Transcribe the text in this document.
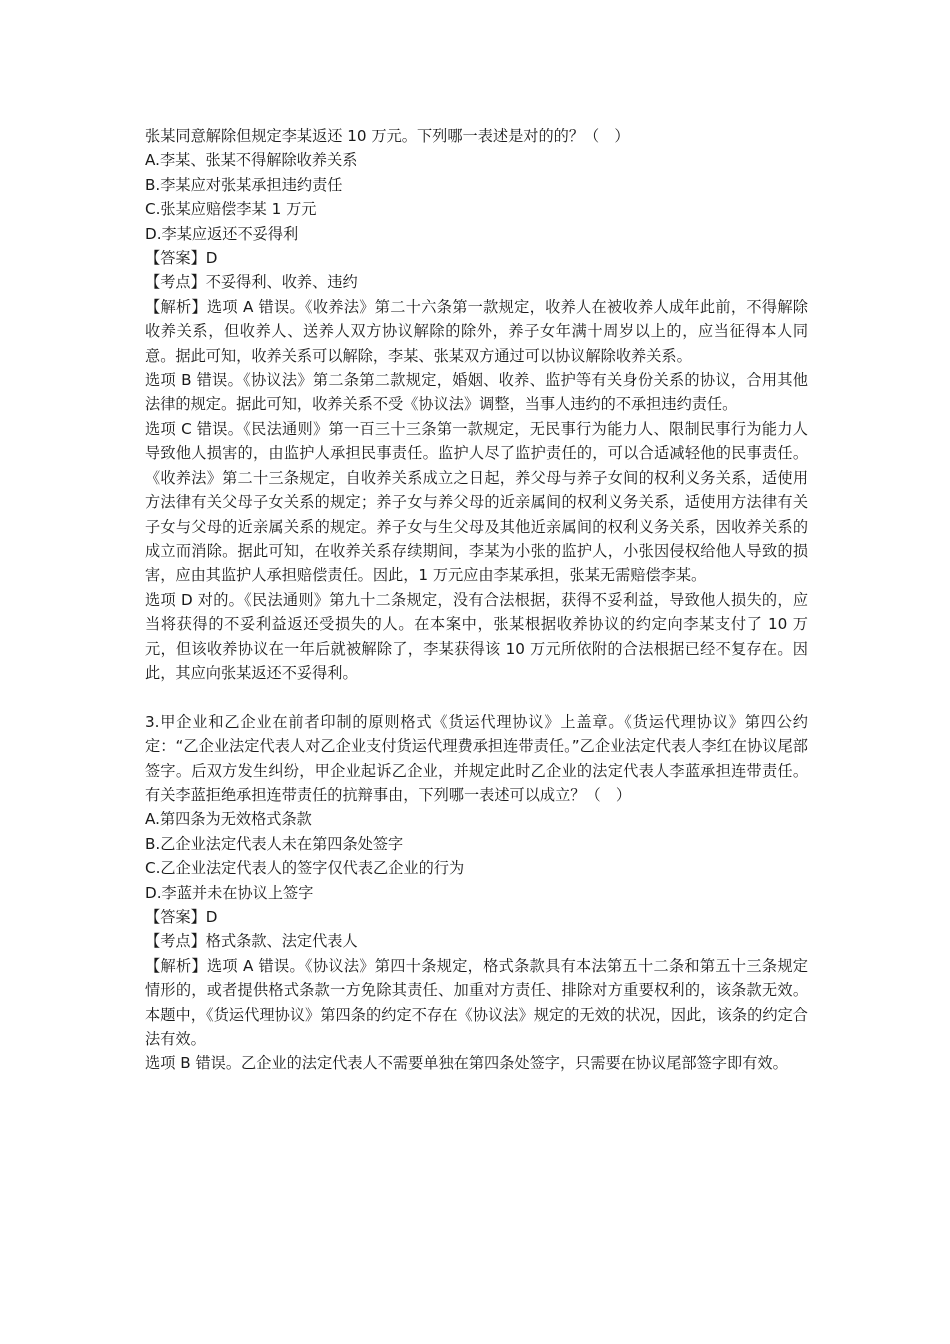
张某同意解除但规定李某返还 10 万元。下列哪一表述是对的的？（　）

A.李某、张某不得解除收养关系

B.李某应对张某承担违约责任

C.张某应赔偿李某 1 万元

D.李某应返还不妥得利

【答案】D

【考点】不妥得利、收养、违约

【解析】选项 A 错误。《收养法》第二十六条第一款规定，收养人在被收养人成年此前，不得解除收养关系，但收养人、送养人双方协议解除的除外，养子女年满十周岁以上的，应当征得本人同意。据此可知，收养关系可以解除，李某、张某双方通过可以协议解除收养关系。

选项 B 错误。《协议法》第二条第二款规定，婚姻、收养、监护等有关身份关系的协议，合用其他法律的规定。据此可知，收养关系不受《协议法》调整，当事人违约的不承担违约责任。

选项 C 错误。《民法通则》第一百三十三条第一款规定，无民事行为能力人、限制民事行为能力人导致他人损害的，由监护人承担民事责任。监护人尽了监护责任的，可以合适减轻他的民事责任。《收养法》第二十三条规定，自收养关系成立之日起，养父母与养子女间的权利义务关系，适使用方法律有关父母子女关系的规定；养子女与养父母的近亲属间的权利义务关系，适使用方法律有关子女与父母的近亲属关系的规定。养子女与生父母及其他近亲属间的权利义务关系，因收养关系的成立而消除。据此可知，在收养关系存续期间，李某为小张的监护人，小张因侵权给他人导致的损害，应由其监护人承担赔偿责任。因此，1 万元应由李某承担，张某无需赔偿李某。

选项 D 对的。《民法通则》第九十二条规定，没有合法根据，获得不妥利益，导致他人损失的，应当将获得的不妥利益返还受损失的人。在本案中，张某根据收养协议的约定向李某支付了 10 万元，但该收养协议在一年后就被解除了，李某获得该 10 万元所依附的合法根据已经不复存在。因此，其应向张某返还不妥得利。

3.甲企业和乙企业在前者印制的原则格式《货运代理协议》上盖章。《货运代理协议》第四公约定：“乙企业法定代表人对乙企业支付货运代理费承担连带责任。”乙企业法定代表人李红在协议尾部签字。后双方发生纠纷，甲企业起诉乙企业，并规定此时乙企业的法定代表人李蓝承担连带责任。有关李蓝拒绝承担连带责任的抗辩事由，下列哪一表述可以成立？（　）

A.第四条为无效格式条款

B.乙企业法定代表人未在第四条处签字

C.乙企业法定代表人的签字仅代表乙企业的行为

D.李蓝并未在协议上签字

【答案】D

【考点】格式条款、法定代表人

【解析】选项 A 错误。《协议法》第四十条规定，格式条款具有本法第五十二条和第五十三条规定情形的，或者提供格式条款一方免除其责任、加重对方责任、排除对方重要权利的，该条款无效。本题中，《货运代理协议》第四条的约定不存在《协议法》规定的无效的状况，因此，该条的约定合法有效。

选项 B 错误。乙企业的法定代表人不需要单独在第四条处签字，只需要在协议尾部签字即有效。
